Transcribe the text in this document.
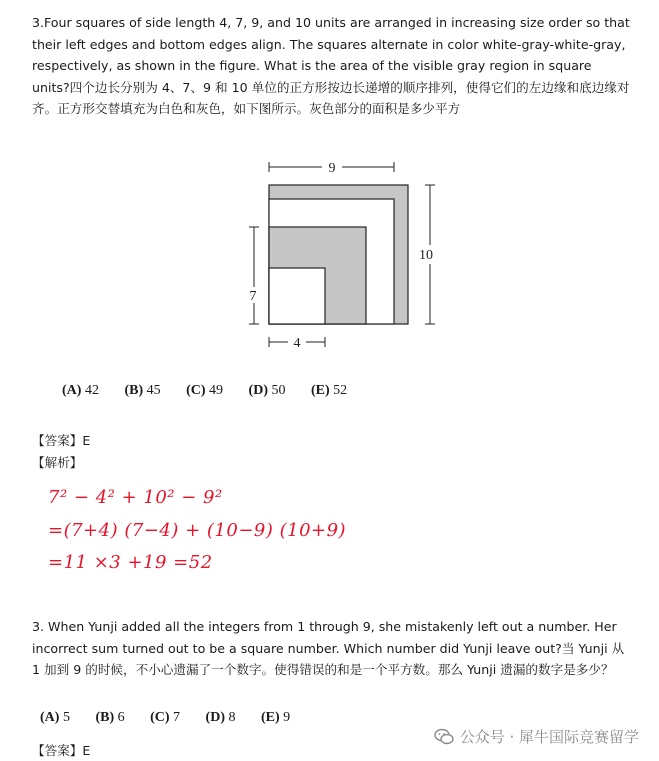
3.Four squares of side length 4, 7, 9, and 10 units are arranged in increasing size order so that their left edges and bottom edges align. The squares alternate in color white-gray-white-gray, respectively, as shown in the figure. What is the area of the visible gray region in square units?四个边长分别为 4、7、9 和 10 单位的正方形按边长递增的顺序排列，使得它们的左边缘和底边缘对齐。正方形交替填充为白色和灰色，如下图所示。灰色部分的面积是多少平方
9
10
7
4
(A) 42 (B) 45 (C) 49 (D) 50 (E) 52
【答案】E
【解析】
7² − 4² + 10² − 9²
=(7+4) (7−4) + (10−9) (10+9)
=11 ×3 +19 =52
3. When Yunji added all the integers from 1 through 9, she mistakenly left out a number. Her incorrect sum turned out to be a square number. Which number did Yunji leave out?当 Yunji 从 1 加到 9 的时候，不小心遗漏了一个数字。使得错误的和是一个平方数。那么 Yunji 遗漏的数字是多少？
(A) 5 (B) 6 (C) 7 (D) 8 (E) 9
【答案】E
公众号 · 犀牛国际竞赛留学
